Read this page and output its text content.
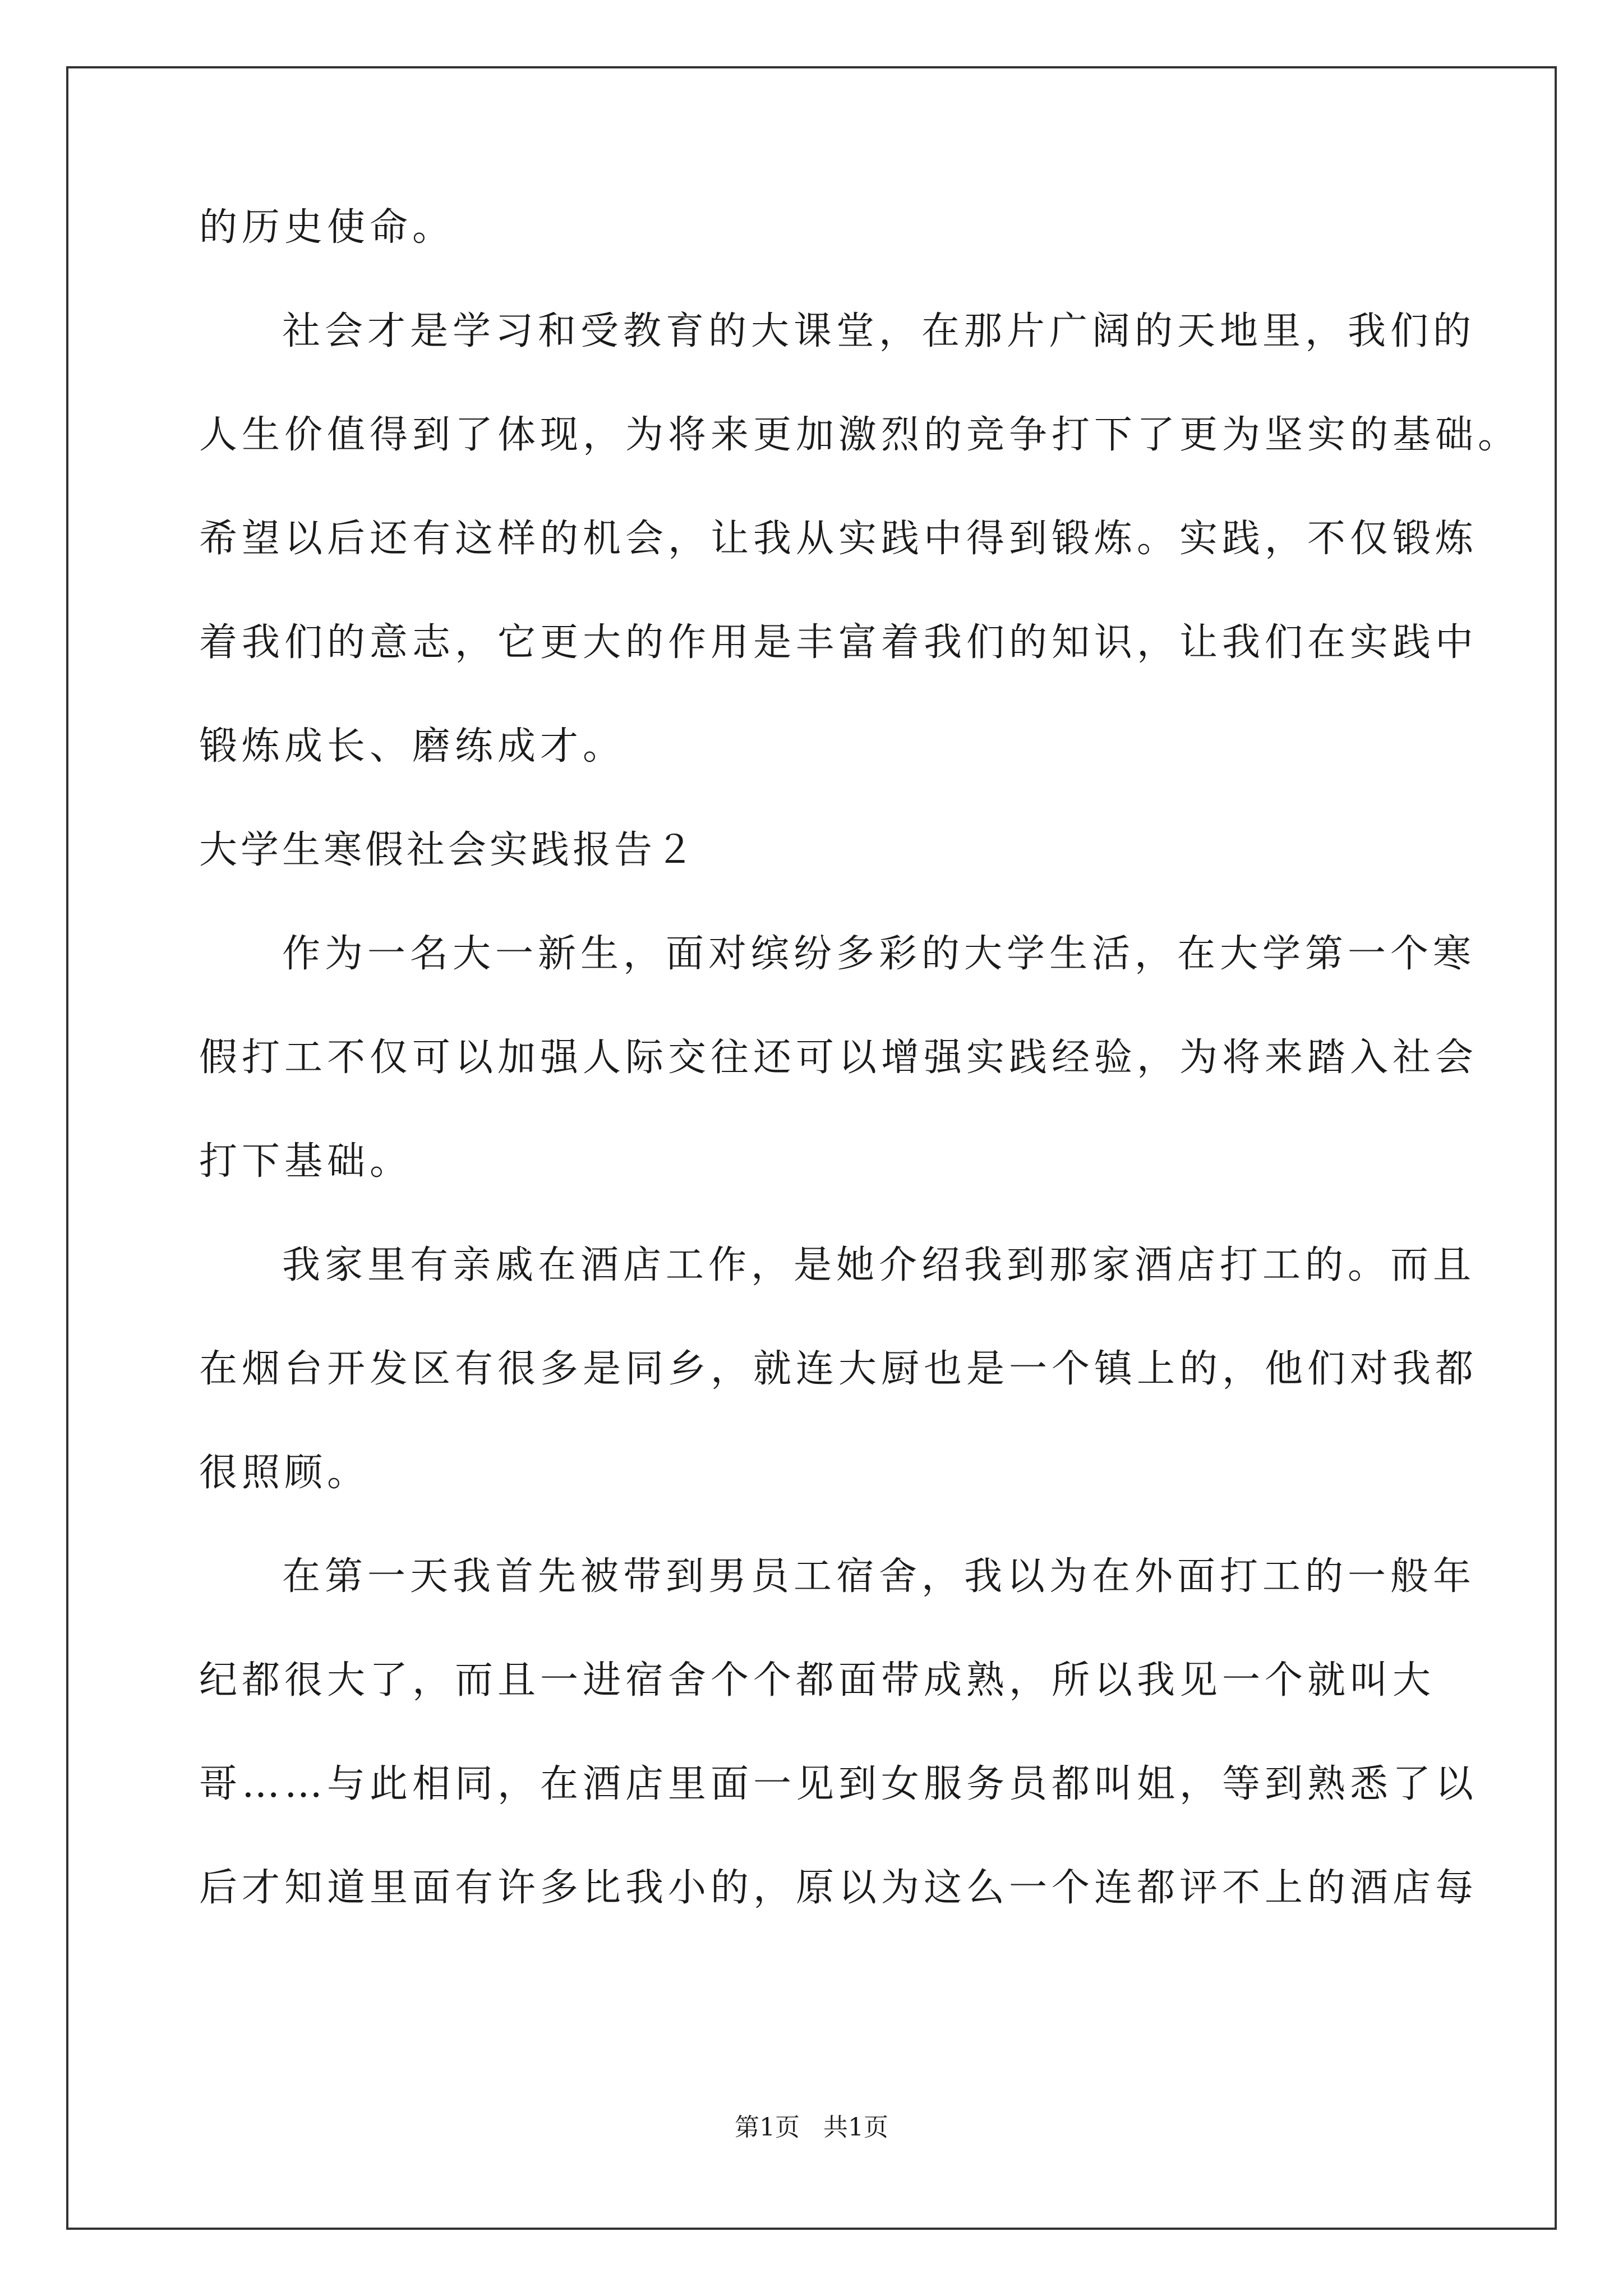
的历史使命。
社会才是学习和受教育的大课堂，在那片广阔的天地里，我们的
人生价值得到了体现，为将来更加激烈的竞争打下了更为坚实的基础。
希望以后还有这样的机会，让我从实践中得到锻炼。实践，不仅锻炼
着我们的意志，它更大的作用是丰富着我们的知识，让我们在实践中
锻炼成长、磨练成才。
大学生寒假社会实践报告２
作为一名大一新生，面对缤纷多彩的大学生活，在大学第一个寒
假打工不仅可以加强人际交往还可以增强实践经验，为将来踏入社会
打下基础。
我家里有亲戚在酒店工作，是她介绍我到那家酒店打工的。而且
在烟台开发区有很多是同乡，就连大厨也是一个镇上的，他们对我都
很照顾。
在第一天我首先被带到男员工宿舍，我以为在外面打工的一般年
纪都很大了，而且一进宿舍个个都面带成熟，所以我见一个就叫大
哥……与此相同，在酒店里面一见到女服务员都叫姐，等到熟悉了以
后才知道里面有许多比我小的，原以为这么一个连都评不上的酒店每
第1页   共1页
